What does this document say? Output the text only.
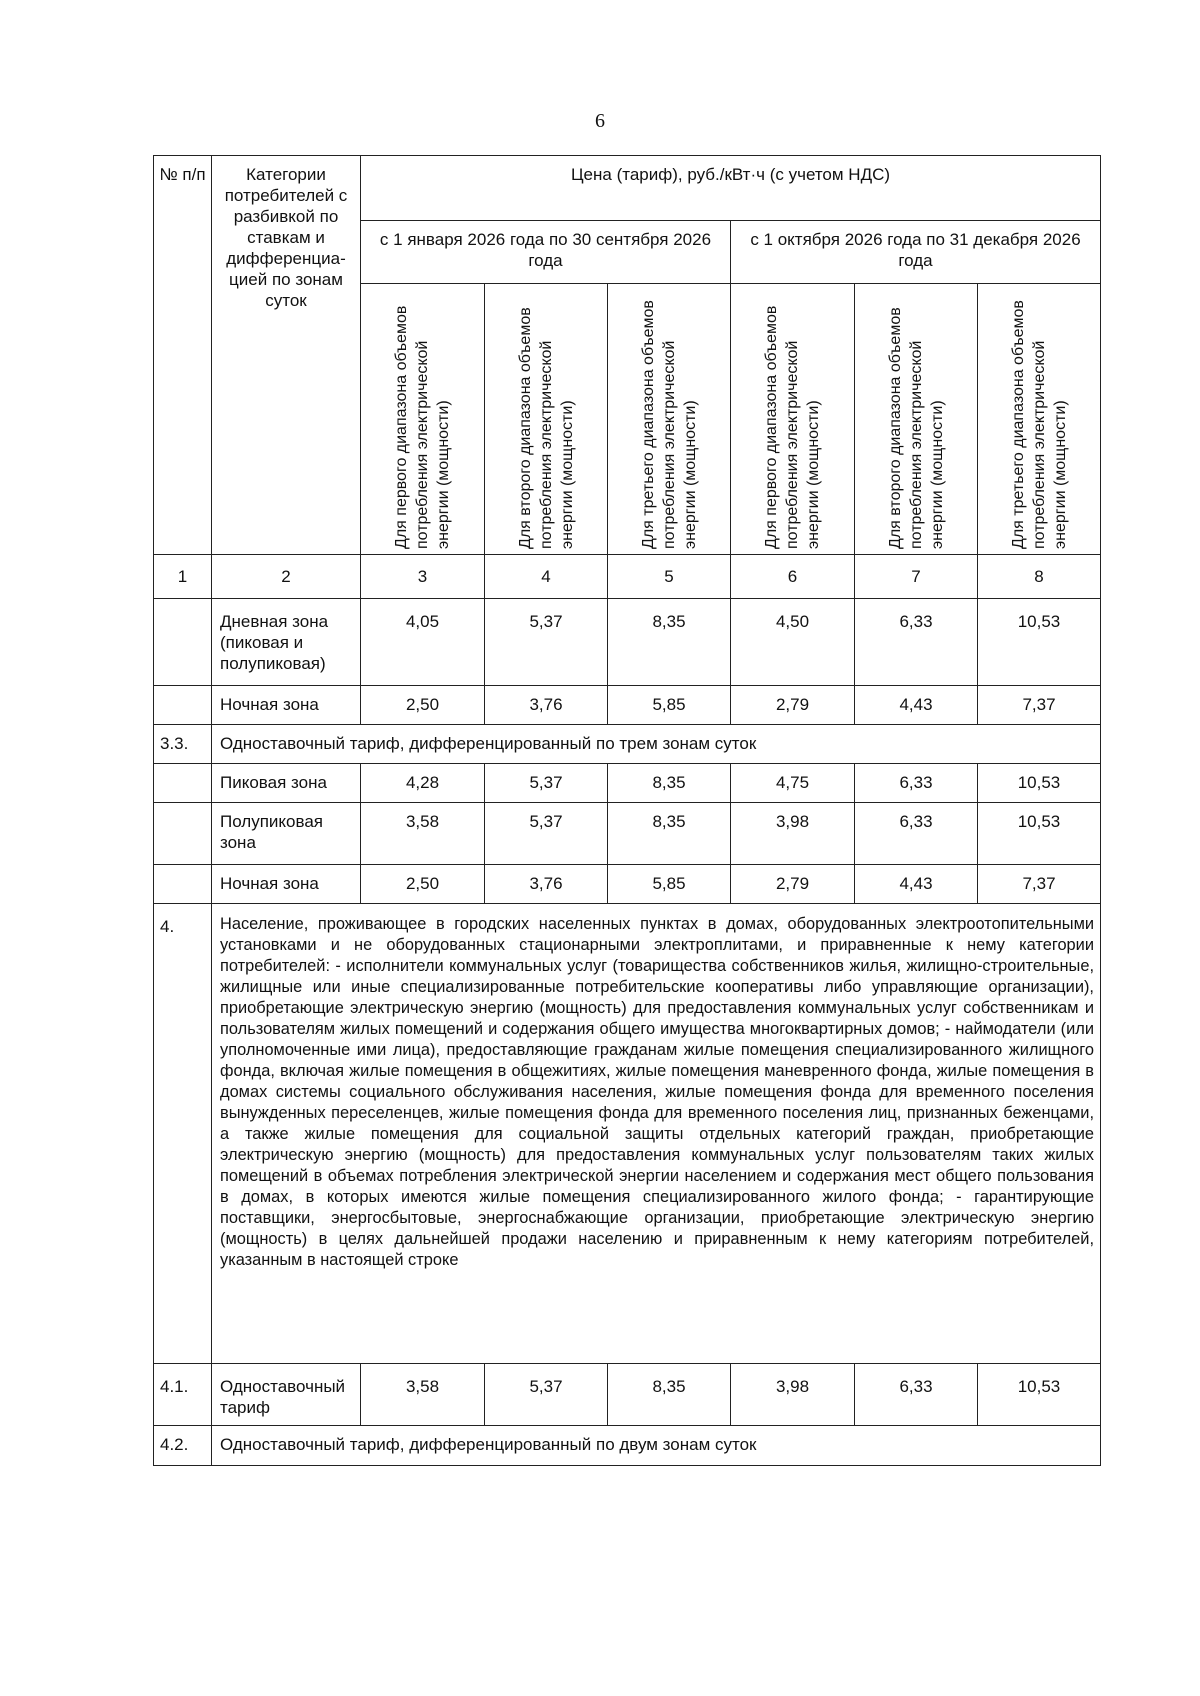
6
№ п/п	Категории потребителей с разбивкой по ставкам и дифференциа-цией по зонам суток	Цена (тариф), руб./кВт·ч (с учетом НДС)					
		с 1 января 2026 года по 30 сентября 2026 года			с 1 октября 2026 года по 31 декабря 2026 года		
		Для первого диапазона объемов потребления электрической энергии (мощности)	Для второго диапазона объемов потребления электрической энергии (мощности)	Для третьего диапазона объемов потребления электрической энергии (мощности)	Для первого диапазона объемов потребления электрической энергии (мощности)	Для второго диапазона объемов потребления электрической энергии (мощности)	Для третьего диапазона объемов потребления электрической энергии (мощности)
1	2	3	4	5	6	7	8
	Дневная зона (пиковая и полупиковая)	4,05	5,37	8,35	4,50	6,33	10,53
	Ночная зона	2,50	3,76	5,85	2,79	4,43	7,37
3.3.	Одноставочный тариф, дифференцированный по трем зонам суток						
	Пиковая зона	4,28	5,37	8,35	4,75	6,33	10,53
	Полупиковая зона	3,58	5,37	8,35	3,98	6,33	10,53
	Ночная зона	2,50	3,76	5,85	2,79	4,43	7,37
4.	Население, проживающее в городских населенных пунктах в домах, оборудованных электроотопительными установками и не оборудованных стационарными электроплитами, и приравненные к нему категории потребителей: - исполнители коммунальных услуг (товарищества собственников жилья, жилищно-строительные, жилищные или иные специализированные потребительские кооперативы либо управляющие организации), приобретающие электрическую энергию (мощность) для предоставления коммунальных услуг собственникам и пользователям жилых помещений и содержания общего имущества многоквартирных домов; - наймодатели (или уполномоченные ими лица), предоставляющие гражданам жилые помещения специализированного жилищного фонда, включая жилые помещения в общежитиях, жилые помещения маневренного фонда, жилые помещения в домах системы социального обслуживания населения, жилые помещения фонда для временного поселения вынужденных переселенцев, жилые помещения фонда для временного поселения лиц, признанных беженцами, а также жилые помещения для социальной защиты отдельных категорий граждан, приобретающие электрическую энергию (мощность) для предоставления коммунальных услуг пользователям таких жилых помещений в объемах потребления электрической энергии населением и содержания мест общего пользования в домах, в которых имеются жилые помещения специализированного жилого фонда; - гарантирующие поставщики, энергосбытовые, энергоснабжающие организации, приобретающие электрическую энергию (мощность) в целях дальнейшей продажи населению и приравненным к нему категориям потребителей, указанным в настоящей строке						
4.1.	Одноставочный тариф	3,58	5,37	8,35	3,98	6,33	10,53
4.2.	Одноставочный тариф, дифференцированный по двум зонам суток						
